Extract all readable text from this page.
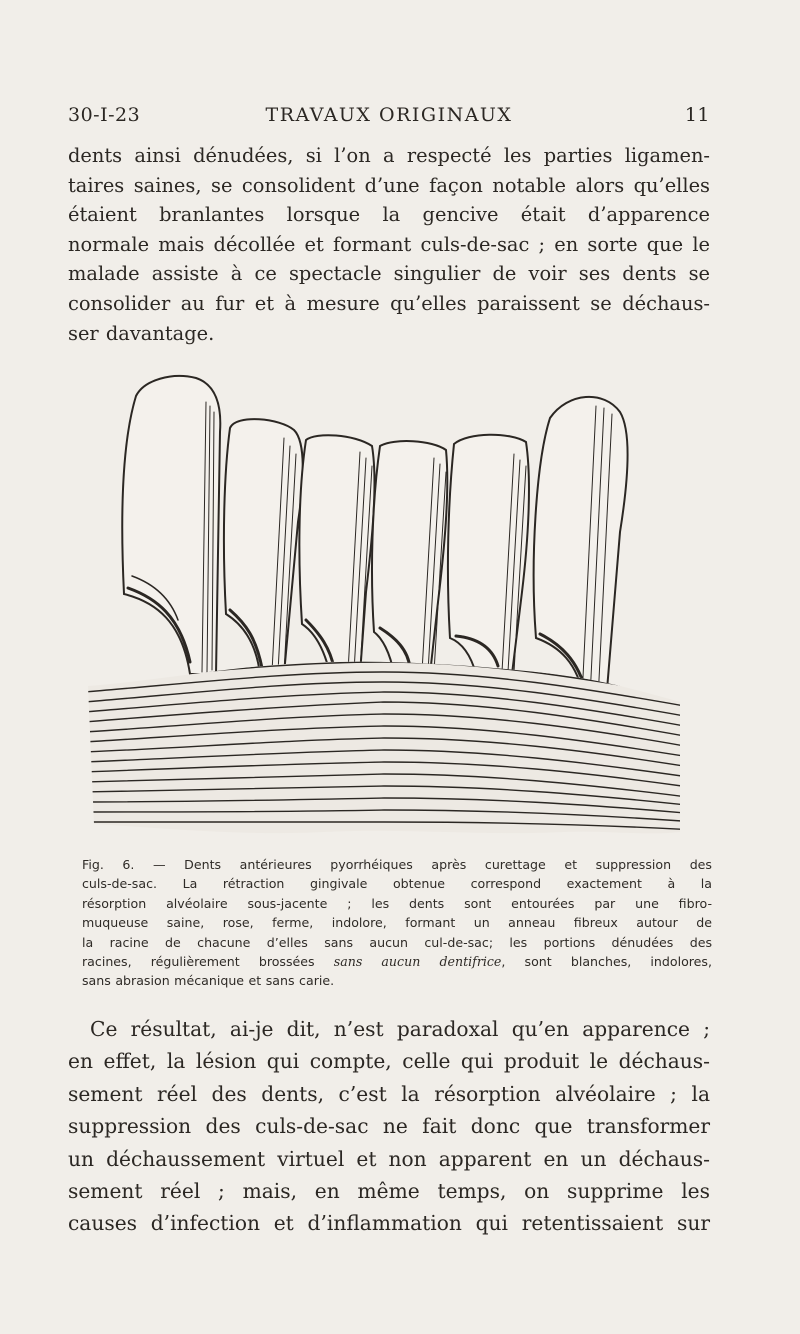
30-I-23	TRAVAUX ORIGINAUX	11
dents ainsi dénudées, si l’on a respecté les parties ligamen-
taires saines, se consolident d’une façon notable alors qu’elles
étaient branlantes lorsque la gencive était d’apparence
normale mais décollée et formant culs-de-sac ; en sorte que le
malade assiste à ce spectacle singulier de voir ses dents se
consolider au fur et à mesure qu’elles paraissent se déchaus-
ser davantage.
Fig. 6. — Dents antérieures pyorrhéiques après curettage et suppression des
culs-de-sac. La rétraction gingivale obtenue correspond exactement à la
résorption alvéolaire sous-jacente ; les dents sont entourées par une fibro-
muqueuse saine, rose, ferme, indolore, formant un anneau fibreux autour de
la racine de chacune d’elles sans aucun cul-de-sac; les portions dénudées des
racines, régulièrement brossées sans aucun dentifrice, sont blanches, indolores,
sans abrasion mécanique et sans carie.
Ce résultat, ai-je dit, n’est paradoxal qu’en apparence ;
en effet, la lésion qui compte, celle qui produit le déchaus-
sement réel des dents, c’est la résorption alvéolaire ; la
suppression des culs-de-sac ne fait donc que transformer
un déchaussement virtuel et non apparent en un déchaus-
sement réel ; mais, en même temps, on supprime les
causes d’infection et d’inflammation qui retentissaient sur
